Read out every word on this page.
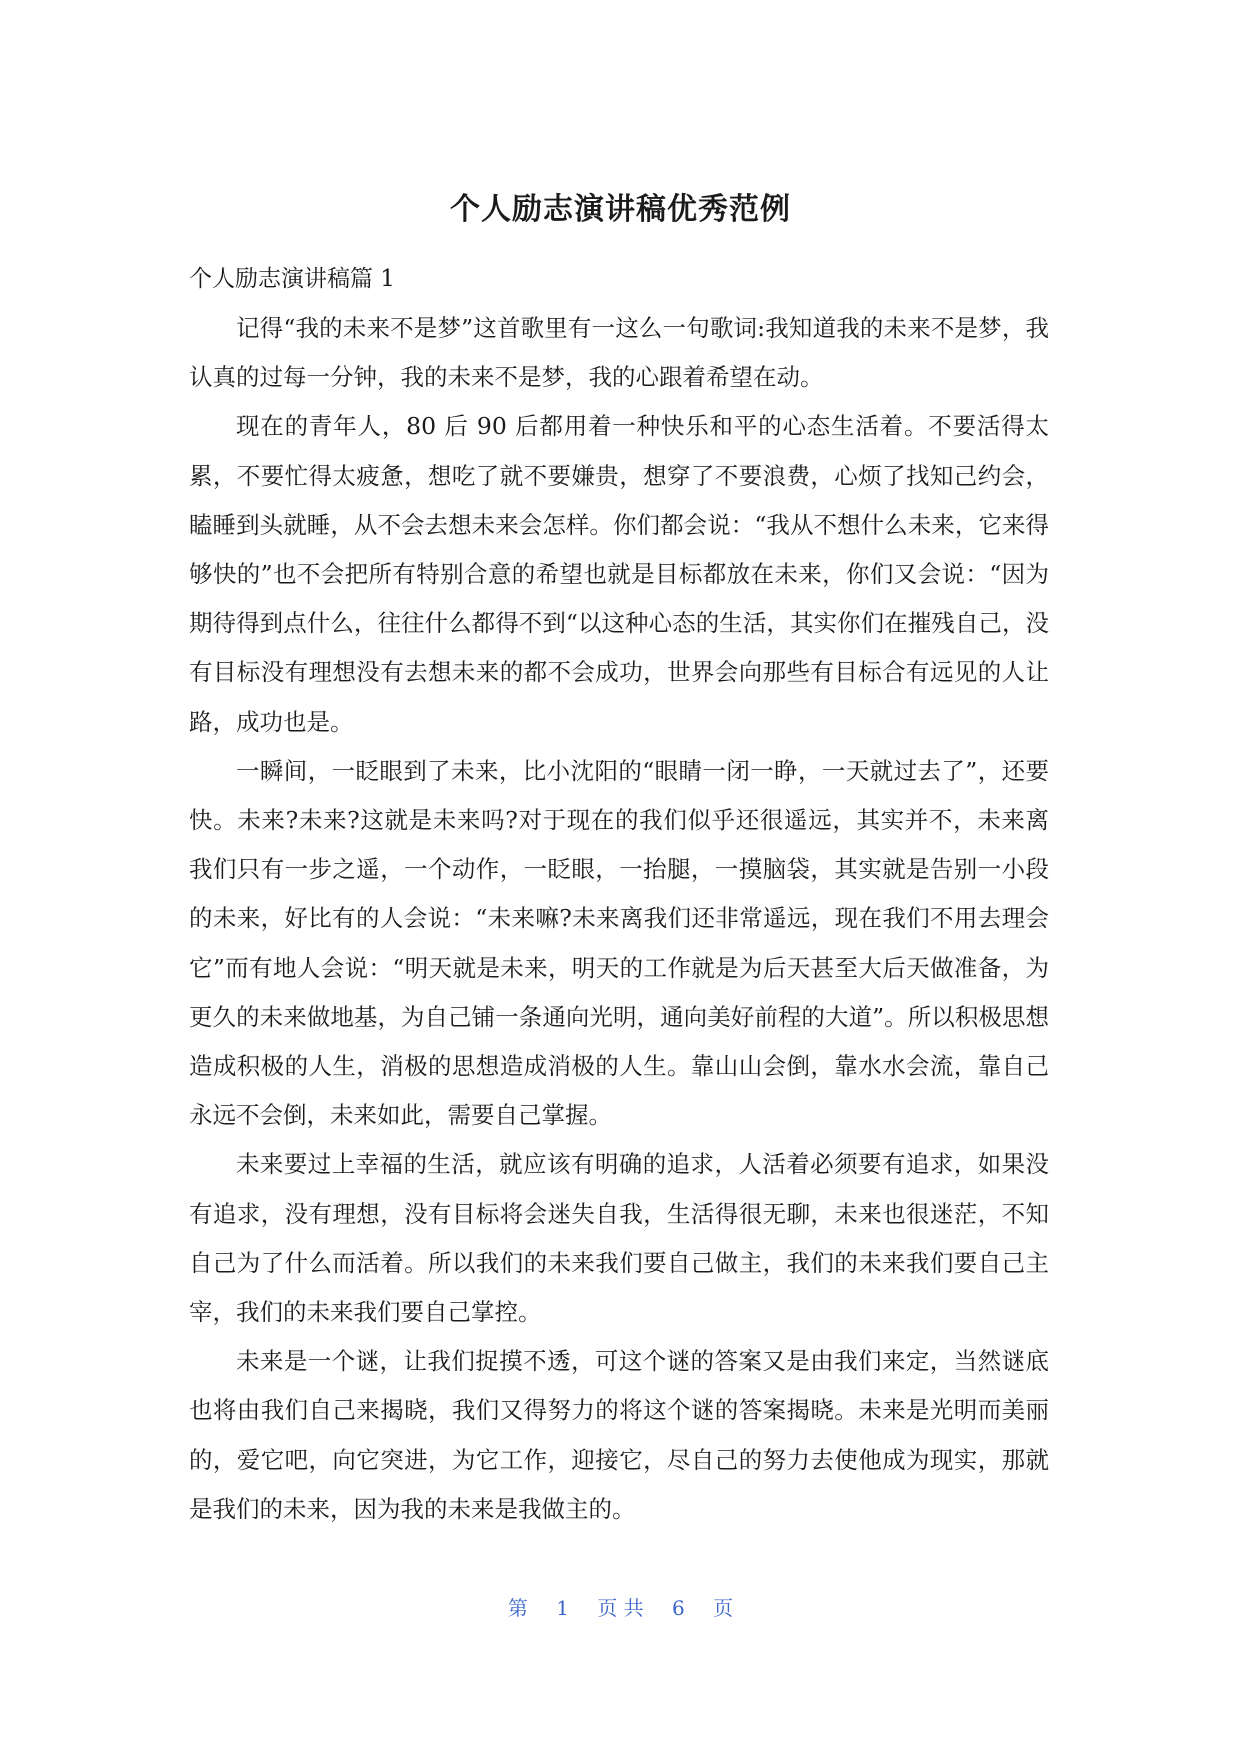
个人励志演讲稿优秀范例

个人励志演讲稿篇 1

记得“我的未来不是梦”这首歌里有一这么一句歌词:我知道我的未来不是梦，我认真的过每一分钟，我的未来不是梦，我的心跟着希望在动。

现在的青年人，80 后 90 后都用着一种快乐和平的心态生活着。不要活得太累，不要忙得太疲惫，想吃了就不要嫌贵，想穿了不要浪费，心烦了找知己约会，瞌睡到头就睡，从不会去想未来会怎样。你们都会说：“我从不想什么未来，它来得够快的”也不会把所有特别合意的希望也就是目标都放在未来，你们又会说：“因为期待得到点什么，往往什么都得不到“以这种心态的生活，其实你们在摧残自己，没有目标没有理想没有去想未来的都不会成功，世界会向那些有目标合有远见的人让路，成功也是。

一瞬间，一眨眼到了未来，比小沈阳的“眼睛一闭一睁，一天就过去了”，还要快。未来?未来?这就是未来吗?对于现在的我们似乎还很遥远，其实并不，未来离我们只有一步之遥，一个动作，一眨眼，一抬腿，一摸脑袋，其实就是告别一小段的未来，好比有的人会说：“未来嘛?未来离我们还非常遥远，现在我们不用去理会它”而有地人会说：“明天就是未来，明天的工作就是为后天甚至大后天做准备，为更久的未来做地基，为自己铺一条通向光明，通向美好前程的大道”。所以积极思想造成积极的人生，消极的思想造成消极的人生。靠山山会倒，靠水水会流，靠自己永远不会倒，未来如此，需要自己掌握。

未来要过上幸福的生活，就应该有明确的追求，人活着必须要有追求，如果没有追求，没有理想，没有目标将会迷失自我，生活得很无聊，未来也很迷茫，不知自己为了什么而活着。所以我们的未来我们要自己做主，我们的未来我们要自己主宰，我们的未来我们要自己掌控。

未来是一个谜，让我们捉摸不透，可这个谜的答案又是由我们来定，当然谜底也将由我们自己来揭晓，我们又得努力的将这个谜的答案揭晓。未来是光明而美丽的，爱它吧，向它突进，为它工作，迎接它，尽自己的努力去使他成为现实，那就是我们的未来，因为我的未来是我做主的。

第 1 页 共 6 页
